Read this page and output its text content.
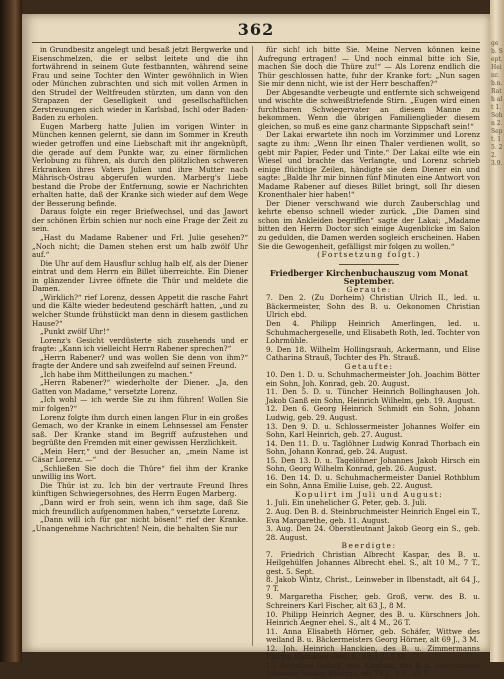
362

in Grundbesitz angelegt und besaß jetzt Bergwerke und Eisenschmelzen, die er selbst leitete und die ihn fortwährend in seinem Gute festbannten, während seine Frau und seine Tochter den Winter gewöhnlich in Wien oder München zubrachten und sich mit vollen Armen in den Strudel der Weltfreuden stürzten, um dann von den Strapazen der Geselligkeit und gesellschaftlichen Zerstreuungen sich wieder in Karlsbad, Ischl oder Baden-Baden zu erholen.

Eugen Marberg hatte Julien im vorigen Winter in München kennen gelernt, sie dann im Sommer in Kreuth wieder getroffen und eine Liebschaft mit ihr angeknüpft, die gerade auf dem Punkte war, zu einer förmlichen Verlobung zu führen, als durch den plötzlichen schweren Erkranken ihres Vaters Julien und ihre Mutter nach Mährisch-Ostrau abgerufen wurden. Marberg's Liebe bestand die Probe der Entfernung, sowie er Nachrichten erhalten hatte, daß der Kranke sich wieder auf dem Wege der Besserung befinde.

Daraus folgte ein reger Briefwechsel, und das Jawort der schönen Erbin schien nur noch eine Frage der Zeit zu sein.

„Hast du Madame Rabener und Frl. Julie gesehen?“ „Noch nicht; die Damen stehen erst um halb zwölf Uhr auf.“

Die Uhr auf dem Hausflur schlug halb elf, als der Diener eintrat und dem Herrn ein Billet überreichte. Ein Diener in glänzender Livree öffnete die Thür und meldete die Damen.

„Wirklich?“ rief Lorenz, dessen Appetit die rasche Fahrt und die Kälte wieder bedeutend geschärft hatten, „und zu welcher Stunde frühstückt man denn in diesem gastlichen Hause?“

„Punkt zwölf Uhr!“

Lorenz's Gesicht verdüsterte sich zusehends und er fragte: „Kann ich vielleicht Herrn Rabener sprechen?“

„Herrn Rabener? und was wollen Sie denn von ihm?“ fragte der Andere und sah zweifelnd auf seinen Freund.

„Ich habe ihm Mittheilungen zu machen.“

„Herrn Rabener?“ wiederholte der Diener. „Ja, den Gatten von Madame,“ versetzte Lorenz.

„Ich wohl — ich werde Sie zu ihm führen! Wollen Sie mir folgen?“

Lorenz folgte ihm durch einen langen Flur in ein großes Gemach, wo der Kranke in einem Lehnsessel am Fenster saß. Der Kranke stand im Begriff aufzustehen und begrüßte den Fremden mit einer gewissen Herzlichkeit.

„Mein Herr,“ und der Besucher an, „mein Name ist Cäsar Lorenz. —“

„Schließen Sie doch die Thüre“ fiel ihm der Kranke unwillig ins Wort.

Die Thür ist zu. Ich bin der vertraute Freund Ihres künftigen Schwiegersohnes, des Herrn Eugen Marberg.

„Dann wird er froh sein, wenn ich ihm sage, daß Sie mich freundlich aufgenommen haben,“ versetzte Lorenz.

„Dann will ich für gar nicht bösen!“ rief der Kranke. „Unangenehme Nachrichten! Nein, die behalten Sie nur

für sich! ich bitte Sie. Meine Nerven können keine Aufregung ertragen! — Und noch einmal bitte ich Sie, machen Sie doch die Thüre zu!“ — Als Lorenz endlich die Thür geschlossen hatte, fuhr der Kranke fort: „Nun sagen Sie mir denn nicht, wie ist der Herr beschaffen?“

Der Abgesandte verbeugte und entfernte sich schweigend und wischte die schweißtriefende Stirn. „Eugen wird einen furchtbaren Schwiegervater an diesem Manne zu bekommen. Wenn die übrigen Familienglieder diesem gleichen, so muß es eine ganz charmante Sippschaft sein!“

Der Lakai erwartete ihn noch im Vorzimmer und Lorenz sagte zu ihm: „Wenn Ihr einen Thaler verdienen wollt, so gebt mir Papier, Feder und Tinte.“ Der Lakai eilte wie ein Wiesel und brachte das Verlangte, und Lorenz schrieb einige flüchtige Zeilen, händigte sie dem Diener ein und sagte: „Balde Ihr mir binnen fünf Minuten eine Antwort von Madame Rabener auf dieses Billet bringt, soll Ihr diesen Kronenthaler hier haben!“

Der Diener verschwand wie durch Zauberschlag und kehrte ebenso schnell wieder zurück. „Die Damen sind schon im Ankleiden begriffen“ sagte der Lakai; „Madame bitten den Herrn Doctor sich einige Augenblicke im Salon zu gedulden, die Damen werden sogleich erscheinen. Haben Sie die Gewogenheit, gefälligst mir folgen zu wollen.“

(Fortsetzung folgt.)

Friedberger Kirchenbuchauszug vom Monat September.

Geraute:

7. Den 2. (Zu Dorheim) Christian Ulrich II., led. u. Bäckermeister, Sohn des B. u. Oekonomen Christian Ulrich ebd.

Den 4. Philipp Heinrich Amerlingen, led. u. Schuhmachergeselle, und Elisabeth Roth, led. Tochter von Lohrmühle.

9. Den 18. Wilhelm Hollingsrauh, Ackermann, und Elise Catharina Strauß, Tochter des Ph. Strauß.

Getaufte:

10. Den 1. D. u. Schuhmachermeister Joh. Joachim Bötter ein Sohn, Joh. Konrad, geb. 20. August.

11. Den 5. D. u. Tüncher Heinrich Bollinghausen Joh. Jakob Ganß ein Sohn, Heinrich Wilhelm, geb. 19. August.

12. Den 6. Georg Heinrich Schmidt ein Sohn, Johann Ludwig, geb. 29. August.

13. Den 9. D. u. Schlossermeister Johannes Wolfer ein Sohn, Karl Heinrich, geb. 27. August.

14. Den 11. D. u. Taglöhner Ludwig Konrad Thorbach ein Sohn, Johann Konrad, geb. 24. August.

15. Den 13. D. u. Tagelöhner Johannes Jakob Hirsch ein Sohn, Georg Wilhelm Konrad, geb. 26. August.

16. Den 14. D. u. Schuhmachermeister Daniel Rothblum ein Sohn, Anna Emilie Luise, geb. 22. August.

Kopulirt im Juli und August:

1. Juli. Ein unehelicher G. Peter, geb. 3. Juli.

2. Aug. Den B. d. Steinbruchmeister Heinrich Engel ein T., Eva Margarethe, geb. 11. August.

3. Aug. Den 24. Oberstleutnant Jakob Georg ein S., geb. 28. August.

Beerdigte:

7. Friedrich Christian Albrecht Kaspar, des B. u. Heilgehülfen Johannes Albrecht ehel. S., alt 10 M., 7 T., gest. 5. Sept.

8. Jakob Wintz, Christ., Leinweber in Ilbenstadt, alt 64 J., 7 T.

9. Margaretha Fischer, geb. Groß, verw. des B. u. Schreiners Karl Fischer, alt 63 J., 8 M.

10. Philipp Heinrich Aegner, des B. u. Kürschners Joh. Heinrich Aegner ehel. S., alt 4 M., 26 T.

11. Anna Elisabeth Hörner, geb. Schäfer, Wittwe des weiland B. u. Bäckermeisters Georg Hörner, alt 69 J., 3 M.

12. Joh. Heinrich Hanckien, des B. u. Zimmermanns Philipp Hanckien ehel. S., alt 1 J., 5 M.

13. Dorothea Seilzig, geb. Kaufung, des B. u. Ackermanns Johannes Seilzig Ehefrau, alt 73 J., 3 T., 28 T.

geb. Sept. Heinr. b.n. Rath alt 1. Sohn 2. Sept. 15. 22. 3.9.
